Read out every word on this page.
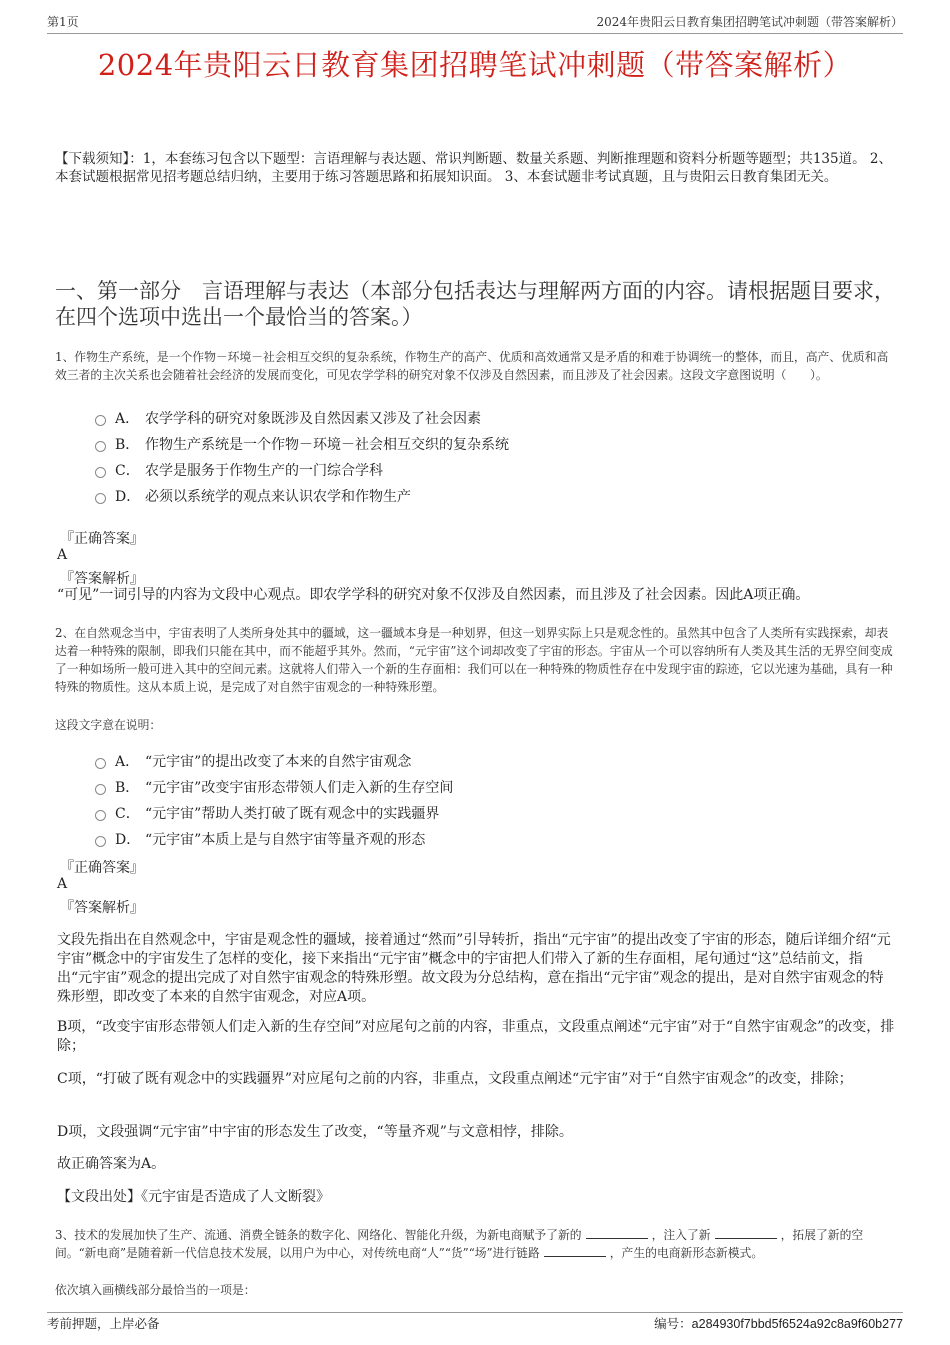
第1页	2024年贵阳云日教育集团招聘笔试冲刺题（带答案解析）
2024年贵阳云日教育集团招聘笔试冲刺题（带答案解析）
【下载须知】：1，本套练习包含以下题型：言语理解与表达题、常识判断题、数量关系题、判断推理题和资料分析题等题型；共135道。 2、本套试题根据常见招考题总结归纳，主要用于练习答题思路和拓展知识面。 3、本套试题非考试真题，且与贵阳云日教育集团无关。
一、第一部分　言语理解与表达（本部分包括表达与理解两方面的内容。请根据题目要求，在四个选项中选出一个最恰当的答案。）
1、作物生产系统，是一个作物－环境－社会相互交织的复杂系统，作物生产的高产、优质和高效通常又是矛盾的和难于协调统一的整体，而且，高产、优质和高效三者的主次关系也会随着社会经济的发展而变化，可见农学学科的研究对象不仅涉及自然因素，而且涉及了社会因素。这段文字意图说明（　　）。
A． 农学学科的研究对象既涉及自然因素又涉及了社会因素
B． 作物生产系统是一个作物－环境－社会相互交织的复杂系统
C． 农学是服务于作物生产的一门综合学科
D． 必须以系统学的观点来认识农学和作物生产
『正确答案』
A
『答案解析』
“可见”一词引导的内容为文段中心观点。即农学学科的研究对象不仅涉及自然因素，而且涉及了社会因素。因此A项正确。
2、在自然观念当中，宇宙表明了人类所身处其中的疆域，这一疆域本身是一种划界，但这一划界实际上只是观念性的。虽然其中包含了人类所有实践探索，却表达着一种特殊的限制，即我们只能在其中，而不能超乎其外。然而，“元宇宙”这个词却改变了宇宙的形态。宇宙从一个可以容纳所有人类及其生活的无界空间变成了一种如场所一般可进入其中的空间元素。这就将人们带入一个新的生存面相：我们可以在一种特殊的物质性存在中发现宇宙的踪迹，它以光速为基础，具有一种特殊的物质性。这从本质上说，是完成了对自然宇宙观念的一种特殊形塑。
这段文字意在说明：
A． “元宇宙”的提出改变了本来的自然宇宙观念
B． “元宇宙”改变宇宙形态带领人们走入新的生存空间
C． “元宇宙”帮助人类打破了既有观念中的实践疆界
D． “元宇宙”本质上是与自然宇宙等量齐观的形态
『正确答案』
A
『答案解析』
文段先指出在自然观念中，宇宙是观念性的疆域，接着通过“然而”引导转折，指出“元宇宙”的提出改变了宇宙的形态，随后详细介绍“元宇宙”概念中的宇宙发生了怎样的变化，接下来指出“元宇宙”概念中的宇宙把人们带入了新的生存面相，尾句通过“这”总结前文，指出“元宇宙”观念的提出完成了对自然宇宙观念的特殊形塑。故文段为分总结构，意在指出“元宇宙”观念的提出，是对自然宇宙观念的特殊形塑，即改变了本来的自然宇宙观念，对应A项。
B项，“改变宇宙形态带领人们走入新的生存空间”对应尾句之前的内容，非重点，文段重点阐述“元宇宙”对于“自然宇宙观念”的改变，排除；
C项，“打破了既有观念中的实践疆界”对应尾句之前的内容，非重点，文段重点阐述“元宇宙”对于“自然宇宙观念”的改变，排除；
D项，文段强调“元宇宙”中宇宙的形态发生了改变，“等量齐观”与文意相悖，排除。
故正确答案为A。
【文段出处】《元宇宙是否造成了人文断裂》
3、技术的发展加快了生产、流通、消费全链条的数字化、网络化、智能化升级，为新电商赋予了新的	，注入了新	，拓展了新的空间。“新电商”是随着新一代信息技术发展，以用户为中心，对传统电商“人”“货”“场”进行链路	，产生的电商新形态新模式。
依次填入画横线部分最恰当的一项是：
考前押题，上岸必备	编号：a284930f7bbd5f6524a92c8a9f60b277
